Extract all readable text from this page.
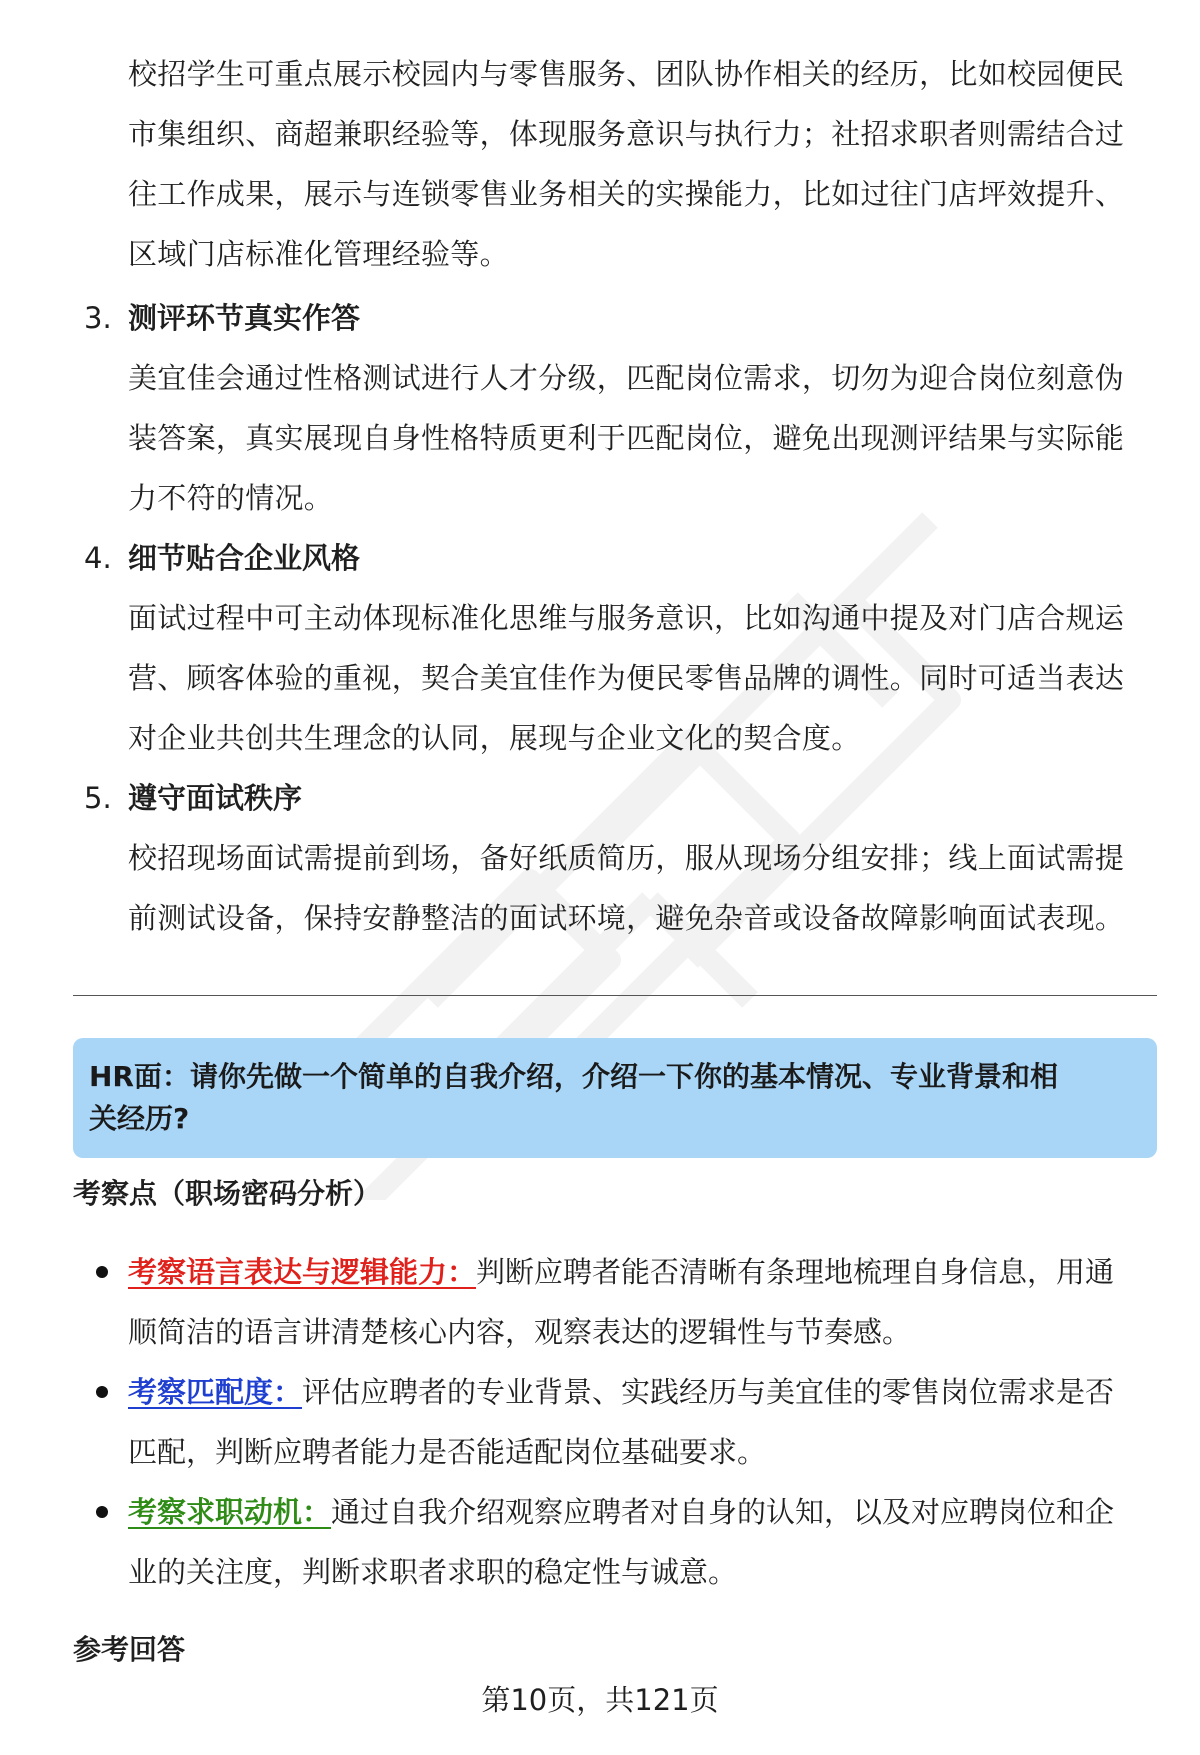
校招学生可重点展示校园内与零售服务、团队协作相关的经历，比如校园便民
市集组织、商超兼职经验等，体现服务意识与执行力；社招求职者则需结合过
往工作成果，展示与连锁零售业务相关的实操能力，比如过往门店坪效提升、
区域门店标准化管理经验等。
3. 测评环节真实作答
美宜佳会通过性格测试进行人才分级，匹配岗位需求，切勿为迎合岗位刻意伪
装答案，真实展现自身性格特质更利于匹配岗位，避免出现测评结果与实际能
力不符的情况。
4. 细节贴合企业风格
面试过程中可主动体现标准化思维与服务意识，比如沟通中提及对门店合规运
营、顾客体验的重视，契合美宜佳作为便民零售品牌的调性。同时可适当表达
对企业共创共生理念的认同，展现与企业文化的契合度。
5. 遵守面试秩序
校招现场面试需提前到场，备好纸质简历，服从现场分组安排；线上面试需提
前测试设备，保持安静整洁的面试环境，避免杂音或设备故障影响面试表现。
HR面：请你先做一个简单的自我介绍，介绍一下你的基本情况、专业背景和相
关经历?
考察点（职场密码分析）
考察语言表达与逻辑能力：判断应聘者能否清晰有条理地梳理自身信息，用通
顺简洁的语言讲清楚核心内容，观察表达的逻辑性与节奏感。
考察匹配度：评估应聘者的专业背景、实践经历与美宜佳的零售岗位需求是否
匹配，判断应聘者能力是否能适配岗位基础要求。
考察求职动机：通过自我介绍观察应聘者对自身的认知，以及对应聘岗位和企
业的关注度，判断求职者求职的稳定性与诚意。
参考回答
第10页，共121页
